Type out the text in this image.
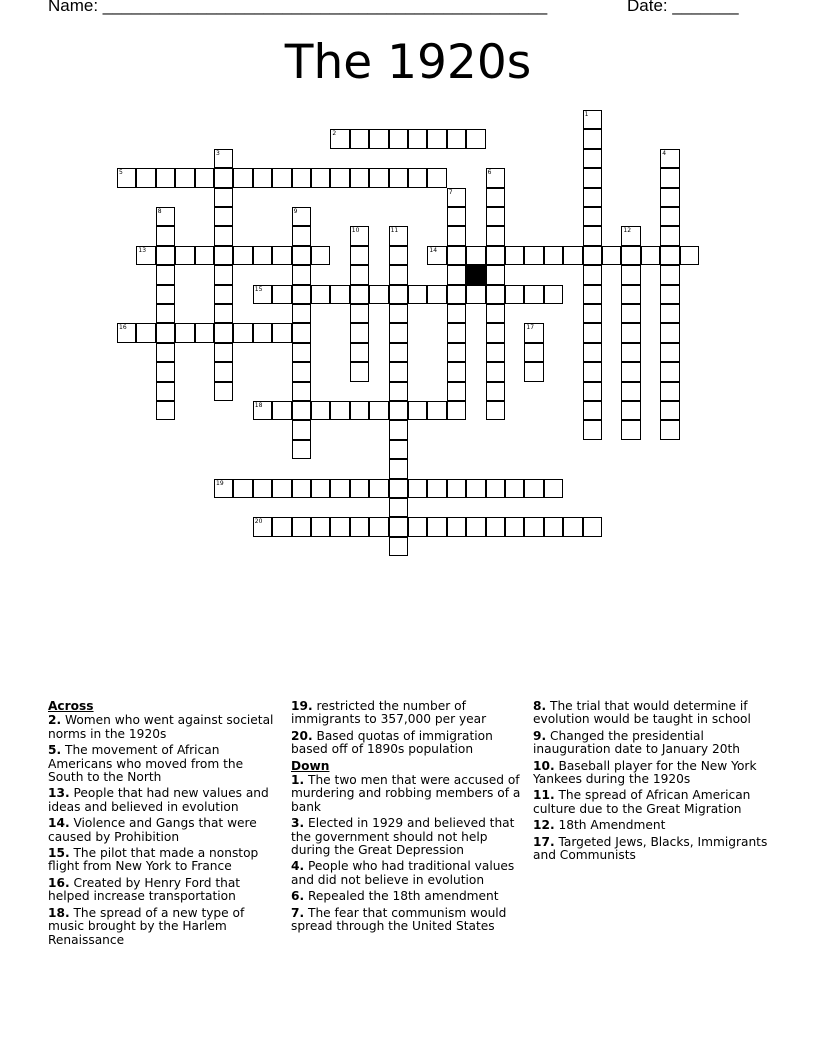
Name: _______________________________________________	Date: _______
The 1920s
2
5
13	14
15
16
18
19
20
1
3	4
6
7
8	9
10	11	12
17
Across
2. Women who went against societal norms in the 1920s
5. The movement of African Americans who moved from the South to the North
13. People that had new values and ideas and believed in evolution
14. Violence and Gangs that were caused by Prohibition
15. The pilot that made a nonstop flight from New York to France
16. Created by Henry Ford that helped increase transportation
18. The spread of a new type of music brought by the Harlem Renaissance
19. restricted the number of immigrants to 357,000 per year
20. Based quotas of immigration based off of 1890s population
Down
1. The two men that were accused of murdering and robbing members of a bank
3. Elected in 1929 and believed that the government should not help during the Great Depression
4. People who had traditional values and did not believe in evolution
6. Repealed the 18th amendment
7. The fear that communism would spread through the United States
8. The trial that would determine if evolution would be taught in school
9. Changed the presidential inauguration date to January 20th
10. Baseball player for the New York Yankees during the 1920s
11. The spread of African American culture due to the Great Migration
12. 18th Amendment
17. Targeted Jews, Blacks, Immigrants and Communists
